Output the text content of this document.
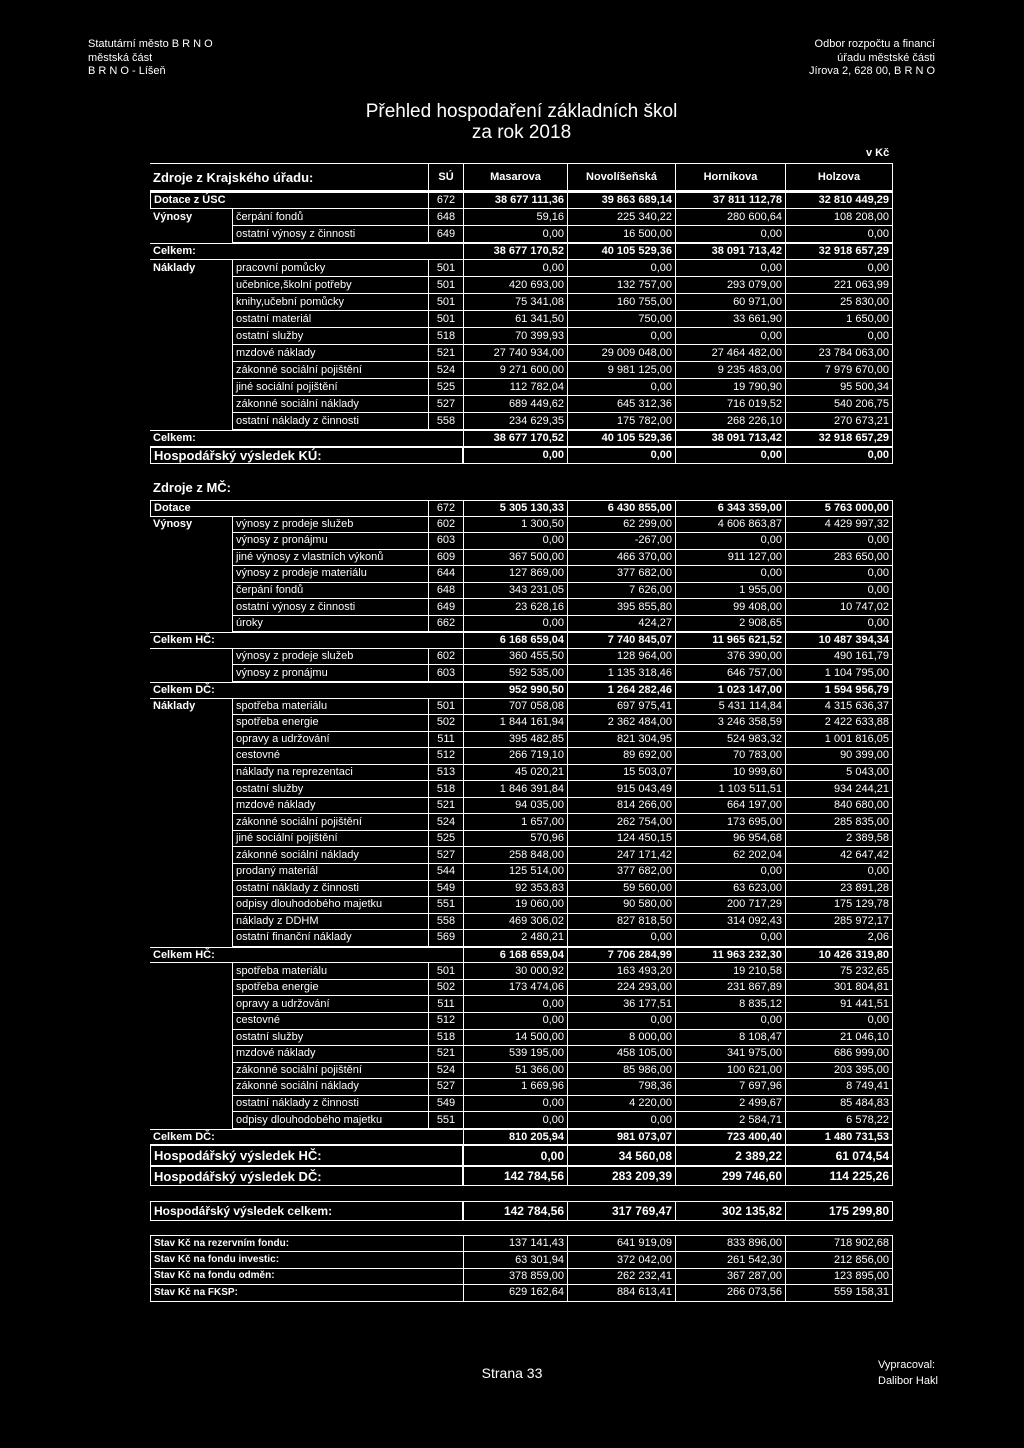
Statutární město B R N O
městská část
B R N O - Líšeň
Odbor rozpočtu a financí
úřadu městské části
Jírova 2, 628 00, B R N O
Přehled hospodaření základních škol
za rok 2018
v Kč
Zdroje z Krajského úřadu:	SÚ	Masarova	Novolíšeňská	Horníkova	Holzova
Dotace z ÚSC	672	38 677 111,36	39 863 689,14	37 811 112,78	32 810 449,29
Výnosy	čerpání fondů	648	59,16	225 340,22	280 600,64	108 208,00
ostatní výnosy z činnosti	649	0,00	16 500,00	0,00	0,00
Celkem:	38 677 170,52	40 105 529,36	38 091 713,42	32 918 657,29
Náklady	pracovní pomůcky	501	0,00	0,00	0,00	0,00
učebnice,školní potřeby	501	420 693,00	132 757,00	293 079,00	221 063,99
knihy,učební pomůcky	501	75 341,08	160 755,00	60 971,00	25 830,00
ostatní materiál	501	61 341,50	750,00	33 661,90	1 650,00
ostatní služby	518	70 399,93	0,00	0,00	0,00
mzdové náklady	521	27 740 934,00	29 009 048,00	27 464 482,00	23 784 063,00
zákonné sociální pojištění	524	9 271 600,00	9 981 125,00	9 235 483,00	7 979 670,00
jiné sociální pojištění	525	112 782,04	0,00	19 790,90	95 500,34
zákonné sociální náklady	527	689 449,62	645 312,36	716 019,52	540 206,75
ostatní náklady z činnosti	558	234 629,35	175 782,00	268 226,10	270 673,21
Celkem:	38 677 170,52	40 105 529,36	38 091 713,42	32 918 657,29
Hospodářský výsledek KÚ:	0,00	0,00	0,00	0,00
Zdroje z MČ:
Dotace	672	5 305 130,33	6 430 855,00	6 343 359,00	5 763 000,00
Výnosy	výnosy z prodeje služeb	602	1 300,50	62 299,00	4 606 863,87	4 429 997,32
výnosy z pronájmu	603	0,00	-267,00	0,00	0,00
jiné výnosy z vlastních výkonů	609	367 500,00	466 370,00	911 127,00	283 650,00
výnosy z prodeje materiálu	644	127 869,00	377 682,00	0,00	0,00
čerpání fondů	648	343 231,05	7 626,00	1 955,00	0,00
ostatní výnosy z činnosti	649	23 628,16	395 855,80	99 408,00	10 747,02
úroky	662	0,00	424,27	2 908,65	0,00
Celkem HČ:	6 168 659,04	7 740 845,07	11 965 621,52	10 487 394,34
výnosy z prodeje služeb	602	360 455,50	128 964,00	376 390,00	490 161,79
výnosy z pronájmu	603	592 535,00	1 135 318,46	646 757,00	1 104 795,00
Celkem DČ:	952 990,50	1 264 282,46	1 023 147,00	1 594 956,79
Náklady	spotřeba materiálu	501	707 058,08	697 975,41	5 431 114,84	4 315 636,37
spotřeba energie	502	1 844 161,94	2 362 484,00	3 246 358,59	2 422 633,88
opravy a udržování	511	395 482,85	821 304,95	524 983,32	1 001 816,05
cestovné	512	266 719,10	89 692,00	70 783,00	90 399,00
náklady na reprezentaci	513	45 020,21	15 503,07	10 999,60	5 043,00
ostatní služby	518	1 846 391,84	915 043,49	1 103 511,51	934 244,21
mzdové náklady	521	94 035,00	814 266,00	664 197,00	840 680,00
zákonné sociální pojištění	524	1 657,00	262 754,00	173 695,00	285 835,00
jiné sociální pojištění	525	570,96	124 450,15	96 954,68	2 389,58
zákonné sociální náklady	527	258 848,00	247 171,42	62 202,04	42 647,42
prodaný materiál	544	125 514,00	377 682,00	0,00	0,00
ostatní náklady z činnosti	549	92 353,83	59 560,00	63 623,00	23 891,28
odpisy dlouhodobého majetku	551	19 060,00	90 580,00	200 717,29	175 129,78
náklady z DDHM	558	469 306,02	827 818,50	314 092,43	285 972,17
ostatní finanční náklady	569	2 480,21	0,00	0,00	2,06
Celkem HČ:	6 168 659,04	7 706 284,99	11 963 232,30	10 426 319,80
spotřeba materiálu	501	30 000,92	163 493,20	19 210,58	75 232,65
spotřeba energie	502	173 474,06	224 293,00	231 867,89	301 804,81
opravy a udržování	511	0,00	36 177,51	8 835,12	91 441,51
cestovné	512	0,00	0,00	0,00	0,00
ostatní služby	518	14 500,00	8 000,00	8 108,47	21 046,10
mzdové náklady	521	539 195,00	458 105,00	341 975,00	686 999,00
zákonné sociální pojištění	524	51 366,00	85 986,00	100 621,00	203 395,00
zákonné sociální náklady	527	1 669,96	798,36	7 697,96	8 749,41
ostatní náklady z činnosti	549	0,00	4 220,00	2 499,67	85 484,83
odpisy dlouhodobého majetku	551	0,00	0,00	2 584,71	6 578,22
Celkem DČ:	810 205,94	981 073,07	723 400,40	1 480 731,53
Hospodářský výsledek HČ:	0,00	34 560,08	2 389,22	61 074,54
Hospodářský výsledek DČ:	142 784,56	283 209,39	299 746,60	114 225,26
Hospodářský výsledek celkem:	142 784,56	317 769,47	302 135,82	175 299,80
Stav Kč na rezervním fondu:	137 141,43	641 919,09	833 896,00	718 902,68
Stav Kč na fondu investic:	63 301,94	372 042,00	261 542,30	212 856,00
Stav Kč na fondu odměn:	378 859,00	262 232,41	367 287,00	123 895,00
Stav Kč na FKSP:	629 162,64	884 613,41	266 073,56	559 158,31
Strana 33	Vypracoval:
Dalibor Hakl
